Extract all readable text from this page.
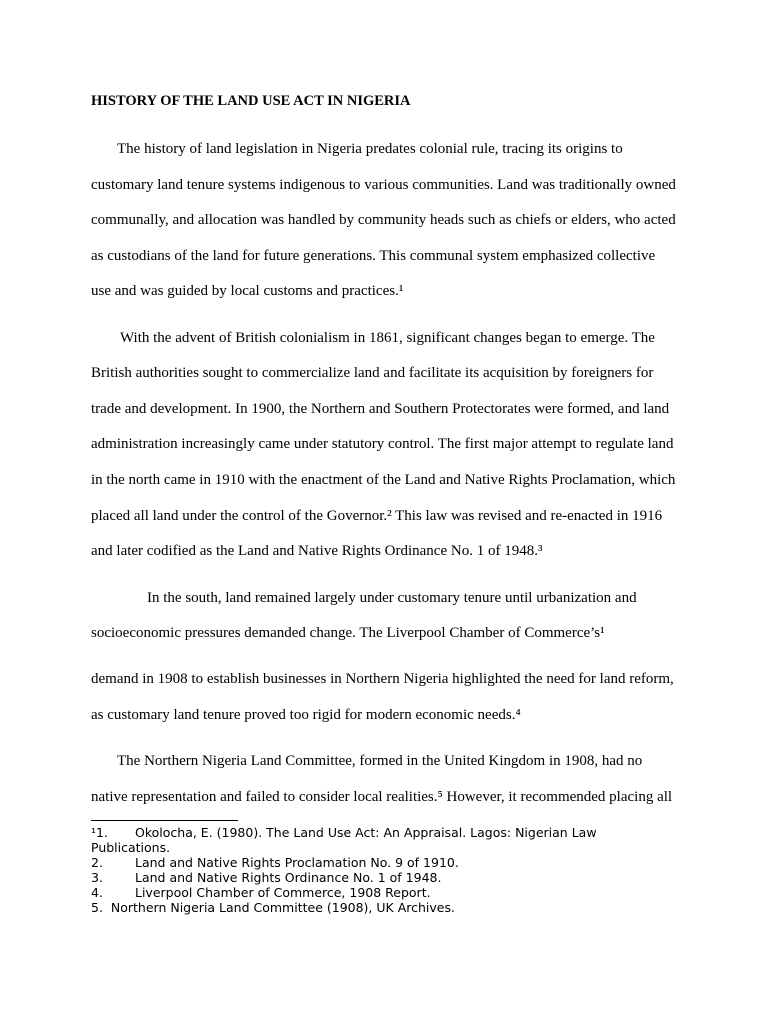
HISTORY OF THE LAND USE ACT IN NIGERIA
The history of land legislation in Nigeria predates colonial rule, tracing its origins to
customary land tenure systems indigenous to various communities. Land was traditionally owned
communally, and allocation was handled by community heads such as chiefs or elders, who acted
as custodians of the land for future generations. This communal system emphasized collective
use and was guided by local customs and practices.¹
With the advent of British colonialism in 1861, significant changes began to emerge. The
British authorities sought to commercialize land and facilitate its acquisition by foreigners for
trade and development. In 1900, the Northern and Southern Protectorates were formed, and land
administration increasingly came under statutory control. The first major attempt to regulate land
in the north came in 1910 with the enactment of the Land and Native Rights Proclamation, which
placed all land under the control of the Governor.² This law was revised and re-enacted in 1916
and later codified as the Land and Native Rights Ordinance No. 1 of 1948.³
In the south, land remained largely under customary tenure until urbanization and
socioeconomic pressures demanded change. The Liverpool Chamber of Commerce’s¹
demand in 1908 to establish businesses in Northern Nigeria highlighted the need for land reform,
as customary land tenure proved too rigid for modern economic needs.⁴
The Northern Nigeria Land Committee, formed in the United Kingdom in 1908, had no
native representation and failed to consider local realities.⁵ However, it recommended placing all
¹1. Okolocha, E. (1980). The Land Use Act: An Appraisal. Lagos: Nigerian Law
Publications.
2.	Land and Native Rights Proclamation No. 9 of 1910.
3.	Land and Native Rights Ordinance No. 1 of 1948.
4.	Liverpool Chamber of Commerce, 1908 Report.
5. Northern Nigeria Land Committee (1908), UK Archives.
